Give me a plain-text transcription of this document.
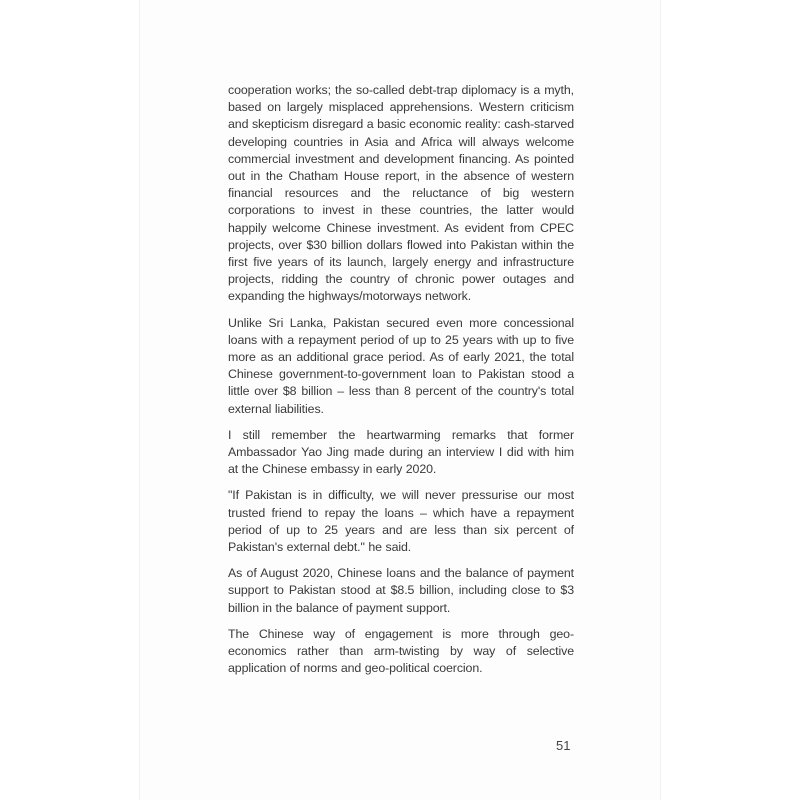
cooperation works; the so-called debt-trap diplomacy is a myth, based on largely misplaced apprehensions. Western criticism and skepticism disregard a basic economic reality: cash-starved developing countries in Asia and Africa will always welcome commercial investment and development financing. As pointed out in the Chatham House report, in the absence of western financial resources and the reluctance of big western corporations to invest in these countries, the latter would happily welcome Chinese investment. As evident from CPEC projects, over $30 billion dollars flowed into Pakistan within the first five years of its launch, largely energy and infrastructure projects, ridding the country of chronic power outages and expanding the highways/motorways network.

Unlike Sri Lanka, Pakistan secured even more concessional loans with a repayment period of up to 25 years with up to five more as an additional grace period. As of early 2021, the total Chinese government-to-government loan to Pakistan stood a little over $8 billion – less than 8 percent of the country's total external liabilities.

I still remember the heartwarming remarks that former Ambassador Yao Jing made during an interview I did with him at the Chinese embassy in early 2020.

"If Pakistan is in difficulty, we will never pressurise our most trusted friend to repay the loans – which have a repayment period of up to 25 years and are less than six percent of Pakistan's external debt." he said.

As of August 2020, Chinese loans and the balance of payment support to Pakistan stood at $8.5 billion, including close to $3 billion in the balance of payment support.

The Chinese way of engagement is more through geo-economics rather than arm-twisting by way of selective application of norms and geo-political coercion.

51
